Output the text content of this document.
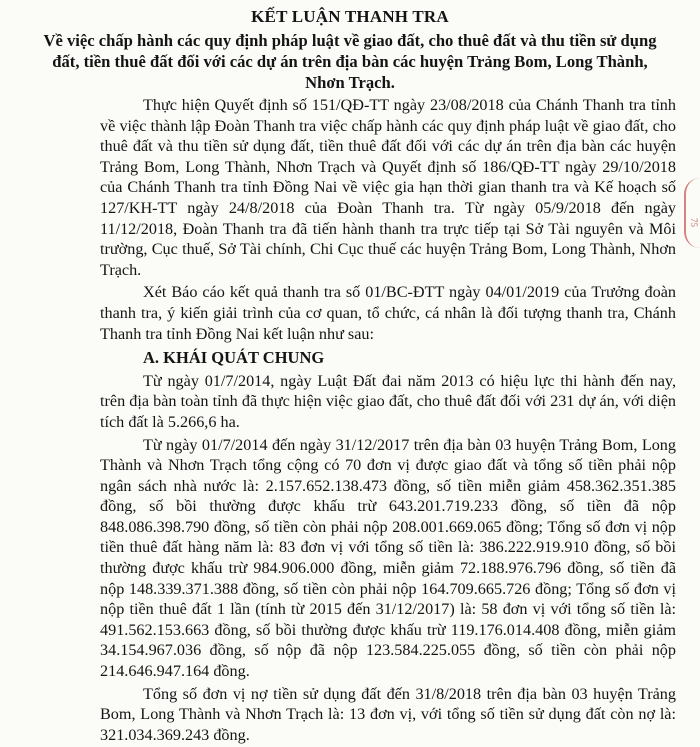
KẾT LUẬN THANH TRA
Về việc chấp hành các quy định pháp luật về giao đất, cho thuê đất và thu tiền sử dụng đất, tiền thuê đất đối với các dự án trên địa bàn các huyện Trảng Bom, Long Thành, Nhơn Trạch.

Thực hiện Quyết định số 151/QĐ-TT ngày 23/08/2018 của Chánh Thanh tra tỉnh về việc thành lập Đoàn Thanh tra việc chấp hành các quy định pháp luật về giao đất, cho thuê đất và thu tiền sử dụng đất, tiền thuê đất đối với các dự án trên địa bàn các huyện Trảng Bom, Long Thành, Nhơn Trạch và Quyết định số 186/QĐ-TT ngày 29/10/2018 của Chánh Thanh tra tỉnh Đồng Nai về việc gia hạn thời gian thanh tra và Kế hoạch số 127/KH-TT ngày 24/8/2018 của Đoàn Thanh tra. Từ ngày 05/9/2018 đến ngày 11/12/2018, Đoàn Thanh tra đã tiến hành thanh tra trực tiếp tại Sở Tài nguyên và Môi trường, Cục thuế, Sở Tài chính, Chi Cục thuế các huyện Trảng Bom, Long Thành, Nhơn Trạch.

Xét Báo cáo kết quả thanh tra số 01/BC-ĐTT ngày 04/01/2019 của Trưởng đoàn thanh tra, ý kiến giải trình của cơ quan, tổ chức, cá nhân là đối tượng thanh tra, Chánh Thanh tra tỉnh Đồng Nai kết luận như sau:

A. KHÁI QUÁT CHUNG

Từ ngày 01/7/2014, ngày Luật Đất đai năm 2013 có hiệu lực thi hành đến nay, trên địa bàn toàn tỉnh đã thực hiện việc giao đất, cho thuê đất đối với 231 dự án, với diện tích đất là 5.266,6 ha.

Từ ngày 01/7/2014 đến ngày 31/12/2017 trên địa bàn 03 huyện Trảng Bom, Long Thành và Nhơn Trạch tổng cộng có 70 đơn vị được giao đất và tổng số tiền phải nộp ngân sách nhà nước là: 2.157.652.138.473 đồng, số tiền miễn giảm 458.362.351.385 đồng, số bồi thường được khấu trừ 643.201.719.233 đồng, số tiền đã nộp 848.086.398.790 đồng, số tiền còn phải nộp 208.001.669.065 đồng; Tổng số đơn vị nộp tiền thuê đất hàng năm là: 83 đơn vị với tổng số tiền là: 386.222.919.910 đồng, số bồi thường được khấu trừ 984.906.000 đồng, miễn giảm 72.188.976.796 đồng, số tiền đã nộp 148.339.371.388 đồng, số tiền còn phải nộp 164.709.665.726 đồng; Tổng số đơn vị nộp tiền thuê đất 1 lần (tính từ 2015 đến 31/12/2017) là: 58 đơn vị với tổng số tiền là: 491.562.153.663 đồng, số bồi thường được khấu trừ 119.176.014.408 đồng, miễn giảm 34.154.967.036 đồng, số nộp đã nộp 123.584.225.055 đồng, số tiền còn phải nộp 214.646.947.164 đồng.

Tổng số đơn vị nợ tiền sử dụng đất đến 31/8/2018 trên địa bàn 03 huyện Trảng Bom, Long Thành và Nhơn Trạch là: 13 đơn vị, với tổng số tiền sử dụng đất còn nợ là: 321.034.369.243 đồng.

75
